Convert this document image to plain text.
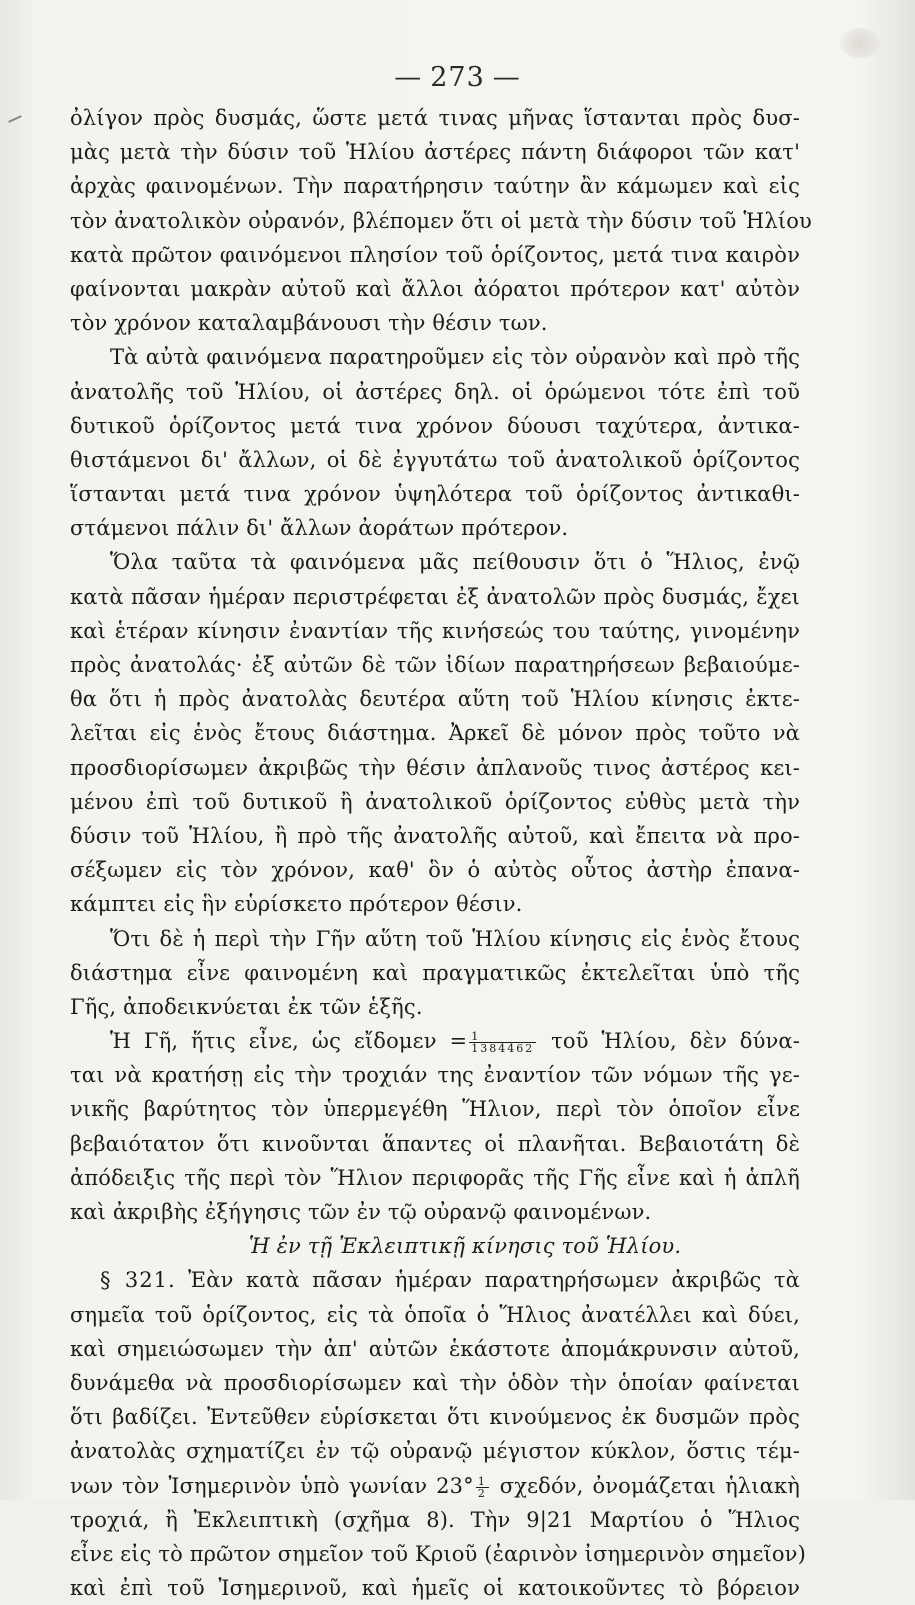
— 273 —
ὀλίγον πρὸς δυσμάς, ὥστε μετά τινας μῆνας ἵστανται πρὸς δυσ-
μὰς μετὰ τὴν δύσιν τοῦ Ἡλίου ἀστέρες πάντη διάφοροι τῶν κατ'
ἀρχὰς φαινομένων. Τὴν παρατήρησιν ταύτην ἂν κάμωμεν καὶ εἰς
τὸν ἀνατολικὸν οὐρανόν, βλέπομεν ὅτι οἱ μετὰ τὴν δύσιν τοῦ Ἡλίου
κατὰ πρῶτον φαινόμενοι πλησίον τοῦ ὁρίζοντος, μετά τινα καιρὸν
φαίνονται μακρὰν αὐτοῦ καὶ ἄλλοι ἀόρατοι πρότερον κατ' αὐτὸν
τὸν χρόνον καταλαμβάνουσι τὴν θέσιν των.
Τὰ αὐτὰ φαινόμενα παρατηροῦμεν εἰς τὸν οὐρανὸν καὶ πρὸ τῆς
ἀνατολῆς τοῦ Ἡλίου, οἱ ἀστέρες δηλ. οἱ ὁρώμενοι τότε ἐπὶ τοῦ
δυτικοῦ ὁρίζοντος μετά τινα χρόνον δύουσι ταχύτερα, ἀντικα-
θιστάμενοι δι' ἄλλων, οἱ δὲ ἐγγυτάτω τοῦ ἀνατολικοῦ ὁρίζοντος
ἵστανται μετά τινα χρόνον ὑψηλότερα τοῦ ὁρίζοντος ἀντικαθι-
στάμενοι πάλιν δι' ἄλλων ἀοράτων πρότερον.
Ὅλα ταῦτα τὰ φαινόμενα μᾶς πείθουσιν ὅτι ὁ Ἥλιος, ἐνῷ
κατὰ πᾶσαν ἡμέραν περιστρέφεται ἐξ ἀνατολῶν πρὸς δυσμάς, ἔχει
καὶ ἑτέραν κίνησιν ἐναντίαν τῆς κινήσεώς του ταύτης, γινομένην
πρὸς ἀνατολάς· ἐξ αὐτῶν δὲ τῶν ἰδίων παρατηρήσεων βεβαιούμε-
θα ὅτι ἡ πρὸς ἀνατολὰς δευτέρα αὕτη τοῦ Ἡλίου κίνησις ἐκτε-
λεῖται εἰς ἑνὸς ἔτους διάστημα. Ἀρκεῖ δὲ μόνον πρὸς τοῦτο νὰ
προσδιορίσωμεν ἀκριβῶς τὴν θέσιν ἀπλανοῦς τινος ἀστέρος κει-
μένου ἐπὶ τοῦ δυτικοῦ ἢ ἀνατολικοῦ ὁρίζοντος εὐθὺς μετὰ τὴν
δύσιν τοῦ Ἡλίου, ἢ πρὸ τῆς ἀνατολῆς αὐτοῦ, καὶ ἔπειτα νὰ προ-
σέξωμεν εἰς τὸν χρόνον, καθ' ὃν ὁ αὐτὸς οὗτος ἀστὴρ ἐπανα-
κάμπτει εἰς ἣν εὑρίσκετο πρότερον θέσιν.
Ὅτι δὲ ἡ περὶ τὴν Γῆν αὕτη τοῦ Ἡλίου κίνησις εἰς ἑνὸς ἔτους
διάστημα εἶνε φαινομένη καὶ πραγματικῶς ἐκτελεῖται ὑπὸ τῆς
Γῆς, ἀποδεικνύεται ἐκ τῶν ἑξῆς.
Ἡ Γῆ, ἥτις εἶνε, ὡς εἴδομεν = $\frac{1}{1384462}$ τοῦ Ἡλίου, δὲν δύνα-
ται νὰ κρατήσῃ εἰς τὴν τροχιάν της ἐναντίον τῶν νόμων τῆς γε-
νικῆς βαρύτητος τὸν ὑπερμεγέθη Ἥλιον, περὶ τὸν ὁποῖον εἶνε
βεβαιότατον ὅτι κινοῦνται ἅπαντες οἱ πλανῆται. Βεβαιοτάτη δὲ
ἀπόδειξις τῆς περὶ τὸν Ἥλιον περιφορᾶς τῆς Γῆς εἶνε καὶ ἡ ἁπλῆ
καὶ ἀκριβὴς ἐξήγησις τῶν ἐν τῷ οὐρανῷ φαινομένων.
Ἡ ἐν τῇ Ἐκλειπτικῇ κίνησις τοῦ Ἡλίου.
§ 321. Ἐὰν κατὰ πᾶσαν ἡμέραν παρατηρήσωμεν ἀκριβῶς τὰ
σημεῖα τοῦ ὁρίζοντος, εἰς τὰ ὁποῖα ὁ Ἥλιος ἀνατέλλει καὶ δύει,
καὶ σημειώσωμεν τὴν ἀπ' αὐτῶν ἑκάστοτε ἀπομάκρυνσιν αὐτοῦ,
δυνάμεθα νὰ προσδιορίσωμεν καὶ τὴν ὁδὸν τὴν ὁποίαν φαίνεται
ὅτι βαδίζει. Ἐντεῦθεν εὑρίσκεται ὅτι κινούμενος ἐκ δυσμῶν πρὸς
ἀνατολὰς σχηματίζει ἐν τῷ οὐρανῷ μέγιστον κύκλον, ὅστις τέμ-
νων τὸν Ἰσημερινὸν ὑπὸ γωνίαν $23^\circ \frac{1}{2} \sigma\chi\varepsilon\delta ό\nu$, ὀνομάζεται ἡλιακὴ
τροχιά, ἢ Ἐκλειπτικὴ (σχῆμα 8). Τὴν 9|21 Μαρτίου ὁ Ἥλιος
εἶνε εἰς τὸ πρῶτον σημεῖον τοῦ Κριοῦ (ἐαρινὸν ἰσημερινὸν σημεῖον)
καὶ ἐπὶ τοῦ Ἰσημερινοῦ, καὶ ἡμεῖς οἱ κατοικοῦντες τὸ βόρειον
